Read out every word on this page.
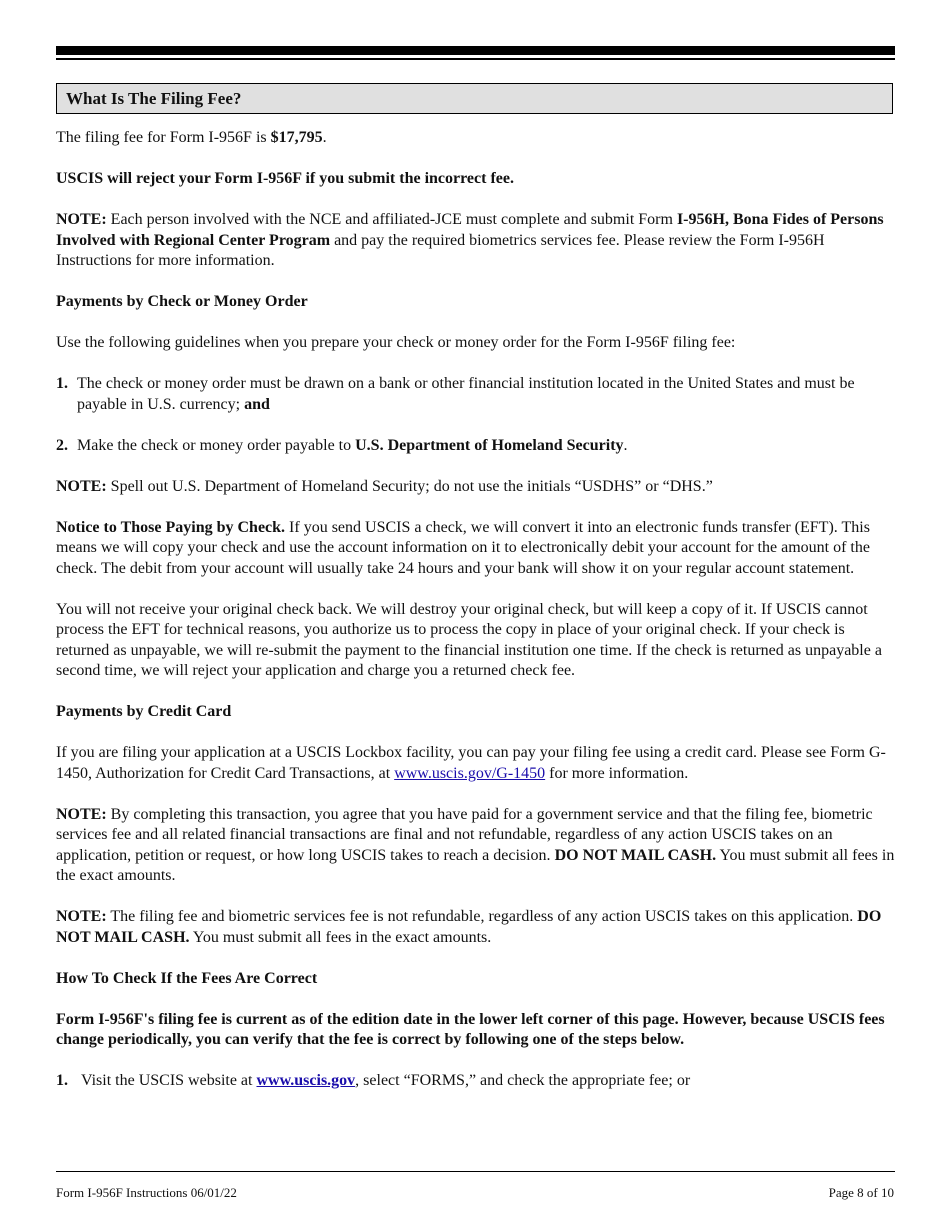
What Is The Filing Fee?

The filing fee for Form I-956F is $17,795.

USCIS will reject your Form I-956F if you submit the incorrect fee.

NOTE: Each person involved with the NCE and affiliated-JCE must complete and submit Form I-956H, Bona Fides of Persons Involved with Regional Center Program and pay the required biometrics services fee. Please review the Form I-956H Instructions for more information.

Payments by Check or Money Order

Use the following guidelines when you prepare your check or money order for the Form I-956F filing fee:

1. The check or money order must be drawn on a bank or other financial institution located in the United States and must be payable in U.S. currency; and
2. Make the check or money order payable to U.S. Department of Homeland Security.

NOTE: Spell out U.S. Department of Homeland Security; do not use the initials “USDHS” or “DHS.”

Notice to Those Paying by Check. If you send USCIS a check, we will convert it into an electronic funds transfer (EFT). This means we will copy your check and use the account information on it to electronically debit your account for the amount of the check. The debit from your account will usually take 24 hours and your bank will show it on your regular account statement.

You will not receive your original check back. We will destroy your original check, but will keep a copy of it. If USCIS cannot process the EFT for technical reasons, you authorize us to process the copy in place of your original check. If your check is returned as unpayable, we will re-submit the payment to the financial institution one time. If the check is returned as unpayable a second time, we will reject your application and charge you a returned check fee.

Payments by Credit Card

If you are filing your application at a USCIS Lockbox facility, you can pay your filing fee using a credit card. Please see Form G-1450, Authorization for Credit Card Transactions, at www.uscis.gov/G-1450 for more information.

NOTE: By completing this transaction, you agree that you have paid for a government service and that the filing fee, biometric services fee and all related financial transactions are final and not refundable, regardless of any action USCIS takes on an application, petition or request, or how long USCIS takes to reach a decision. DO NOT MAIL CASH. You must submit all fees in the exact amounts.

NOTE: The filing fee and biometric services fee is not refundable, regardless of any action USCIS takes on this application. DO NOT MAIL CASH. You must submit all fees in the exact amounts.

How To Check If the Fees Are Correct

Form I-956F's filing fee is current as of the edition date in the lower left corner of this page. However, because USCIS fees change periodically, you can verify that the fee is correct by following one of the steps below.

1. Visit the USCIS website at www.uscis.gov, select “FORMS,” and check the appropriate fee; or
Form I-956F Instructions 06/01/22	Page 8 of 10
